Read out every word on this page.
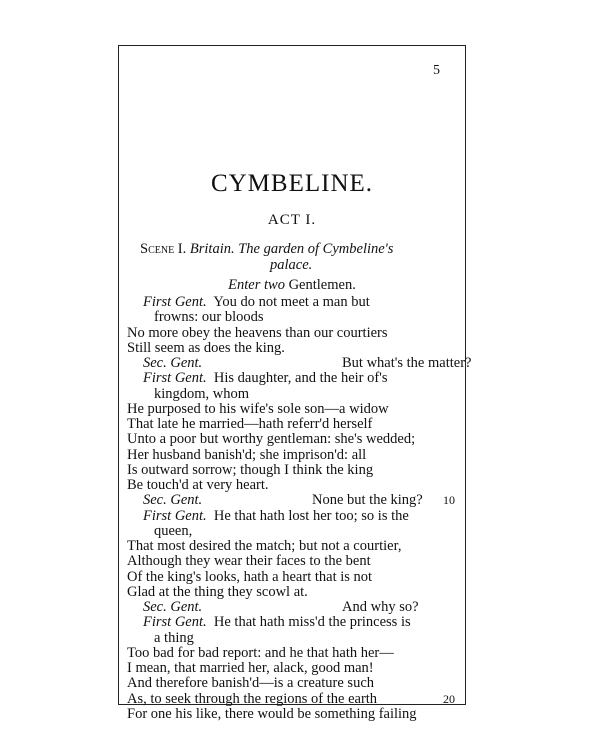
5
CYMBELINE.
ACT I.
Scene I. Britain. The garden of Cymbeline's
palace.
Enter two Gentlemen.
First Gent. You do not meet a man but
frowns: our bloods
No more obey the heavens than our courtiers
Still seem as does the king.
Sec. Gent.	But what's the matter?
First Gent. His daughter, and the heir of's
kingdom, whom
He purposed to his wife's sole son—a widow
That late he married—hath referr'd herself
Unto a poor but worthy gentleman: she's wedded;
Her husband banish'd; she imprison'd: all
Is outward sorrow; though I think the king
Be touch'd at very heart.
Sec. Gent.	None but the king? 10
First Gent. He that hath lost her too; so is the
queen,
That most desired the match; but not a courtier,
Although they wear their faces to the bent
Of the king's looks, hath a heart that is not
Glad at the thing they scowl at.
Sec. Gent.	And why so?
First Gent. He that hath miss'd the princess is
a thing
Too bad for bad report: and he that hath her—
I mean, that married her, alack, good man!
And therefore banish'd—is a creature such
As, to seek through the regions of the earth	20
For one his like, there would be something failing
